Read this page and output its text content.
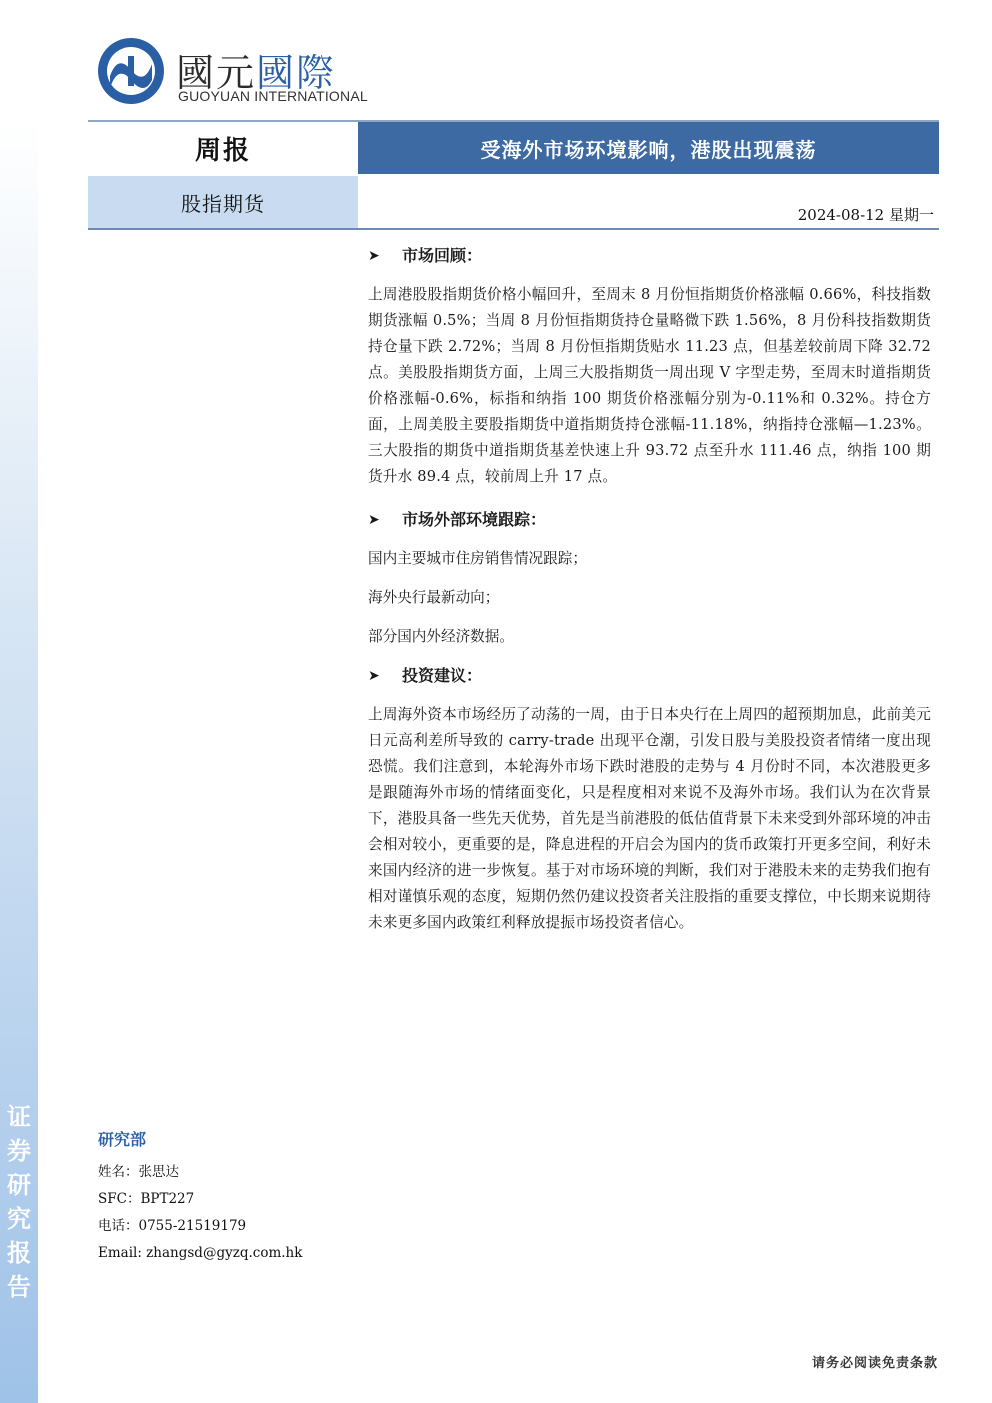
证
券
研
究
报
告
國元國際
GUOYUAN INTERNATIONAL
周报	受海外市场环境影响，港股出现震荡
股指期货	2024-08-12 星期一
➤	市场回顾：

上周港股股指期货价格小幅回升，至周末 8 月份恒指期货价格涨幅 0.66%，科技指数期货涨幅 0.5%；当周 8 月份恒指期货持仓量略微下跌 1.56%，8 月份科技指数期货持仓量下跌 2.72%；当周 8 月份恒指期货贴水 11.23 点，但基差较前周下降 32.72 点。美股股指期货方面，上周三大股指期货一周出现 V 字型走势，至周末时道指期货价格涨幅-0.6%，标指和纳指 100 期货价格涨幅分别为-0.11%和 0.32%。持仓方面，上周美股主要股指期货中道指期货持仓涨幅-11.18%，纳指持仓涨幅—1.23%。三大股指的期货中道指期货基差快速上升 93.72 点至升水 111.46 点，纳指 100 期货升水 89.4 点，较前周上升 17 点。

➤	市场外部环境跟踪：

国内主要城市住房销售情况跟踪；

海外央行最新动向；

部分国内外经济数据。

➤	投资建议：

上周海外资本市场经历了动荡的一周，由于日本央行在上周四的超预期加息，此前美元日元高利差所导致的 carry-trade 出现平仓潮，引发日股与美股投资者情绪一度出现恐慌。我们注意到，本轮海外市场下跌时港股的走势与 4 月份时不同，本次港股更多是跟随海外市场的情绪面变化，只是程度相对来说不及海外市场。我们认为在次背景下，港股具备一些先天优势，首先是当前港股的低估值背景下未来受到外部环境的冲击会相对较小，更重要的是，降息进程的开启会为国内的货币政策打开更多空间，利好未来国内经济的进一步恢复。基于对市场环境的判断，我们对于港股未来的走势我们抱有相对谨慎乐观的态度，短期仍然仍建议投资者关注股指的重要支撑位，中长期来说期待未来更多国内政策红利释放提振市场投资者信心。

研究部
姓名：张思达
SFC：BPT227
电话：0755-21519179
Email: zhangsd@gyzq.com.hk
请务必阅读免责条款
